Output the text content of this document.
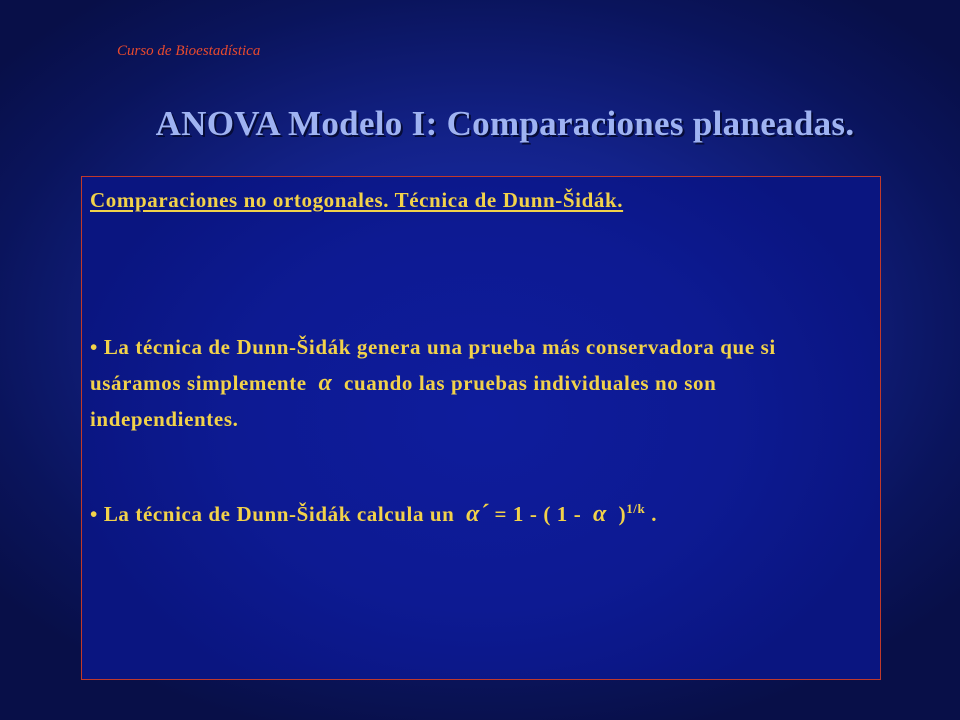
Curso de Bioestadística
ANOVA Modelo I: Comparaciones planeadas.
Comparaciones no ortogonales. Técnica de Dunn-Šidák.
• La técnica de Dunn-Šidák genera una prueba más conservadora que si usáramos simplemente α cuando las pruebas individuales no son independientes.
• La técnica de Dunn-Šidák calcula un α´ = 1 - ( 1 - α )$^{1/k}$ .
